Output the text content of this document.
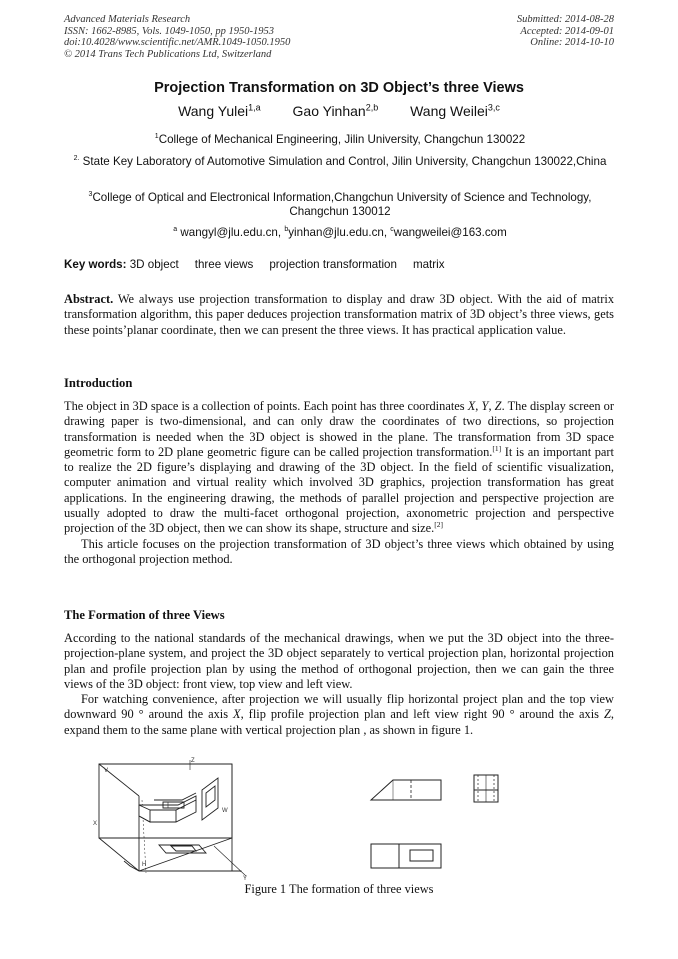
Advanced Materials Research
ISSN: 1662-8985, Vols. 1049-1050, pp 1950-1953
doi:10.4028/www.scientific.net/AMR.1049-1050.1950
© 2014 Trans Tech Publications Ltd, Switzerland
Submitted: 2014-08-28
Accepted: 2014-09-01
Online: 2014-10-10
Projection Transformation on 3D Object’s three Views
Wang Yulei$^{1,a}$ Gao Yinhan$^{2,b}$ Wang Weilei$^{3,c}$
$^1$College of Mechanical Engineering, Jilin University, Changchun 130022
$^{2.}$ State Key Laboratory of Automotive Simulation and Control, Jilin University, Changchun 130022,China
$^3$College of Optical and Electronical Information,Changchun University of Science and Technology, Changchun 130012
$^a$ wangyl@jlu.edu.cn, $^b$yinhan@jlu.edu.cn, $^c$wangweilei@163.com
Key words: 3D object three views projection transformation matrix

Abstract. We always use projection transformation to display and draw 3D object. With the aid of matrix transformation algorithm, this paper deduces projection transformation matrix of 3D object’s three views, gets these points’planar coordinate, then we can present the three views. It has practical application value.

Introduction

The object in 3D space is a collection of points. Each point has three coordinates X, Y, Z. The display screen or drawing paper is two-dimensional, and can only draw the coordinates of two directions, so projection transformation is needed when the 3D object is showed in the plane. The transformation from 3D space geometric form to 2D plane geometric figure can be called projection transformation.[1] It is an important part to realize the 2D figure’s displaying and drawing of the 3D object. In the field of scientific visualization, computer animation and virtual reality which involved 3D graphics, projection transformation has great applications. In the engineering drawing, the methods of parallel projection and perspective projection are usually adopted to draw the multi-facet orthogonal projection, axonometric projection and perspective projection of the 3D object, then we can show its shape, structure and size.[2]

This article focuses on the projection transformation of 3D object’s three views which obtained by using the orthogonal projection method.

The Formation of three Views

According to the national standards of the mechanical drawings, when we put the 3D object into the three-projection-plane system, and project the 3D object separately to vertical projection plan, horizontal projection plan and profile projection plan by using the method of orthogonal projection, then we can gain the three views of the 3D object: front view, top view and left view.

For watching convenience, after projection we will usually flip horizontal project plan and the top view downward 90 ° around the axis X, flip profile projection plan and left view right 90 ° around the axis Z, expand them to the same plane with vertical projection plan , as shown in figure 1.

V
Z
X
W
H
Y
Figure 1 The formation of three views
